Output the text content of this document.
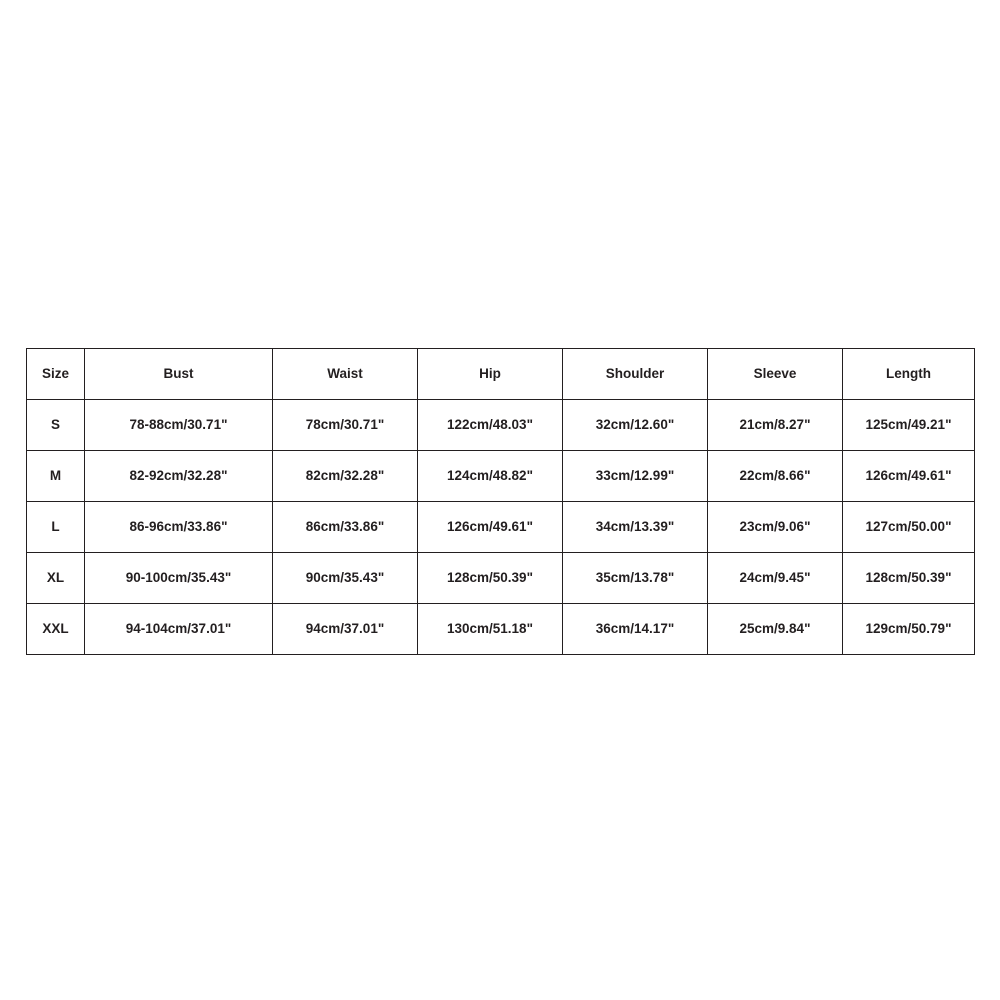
Size	Bust	Waist	Hip	Shoulder	Sleeve	Length
S	78-88cm/30.71"	78cm/30.71"	122cm/48.03"	32cm/12.60"	21cm/8.27"	125cm/49.21"
M	82-92cm/32.28"	82cm/32.28"	124cm/48.82"	33cm/12.99"	22cm/8.66"	126cm/49.61"
L	86-96cm/33.86"	86cm/33.86"	126cm/49.61"	34cm/13.39"	23cm/9.06"	127cm/50.00"
XL	90-100cm/35.43"	90cm/35.43"	128cm/50.39"	35cm/13.78"	24cm/9.45"	128cm/50.39"
XXL	94-104cm/37.01"	94cm/37.01"	130cm/51.18"	36cm/14.17"	25cm/9.84"	129cm/50.79"
